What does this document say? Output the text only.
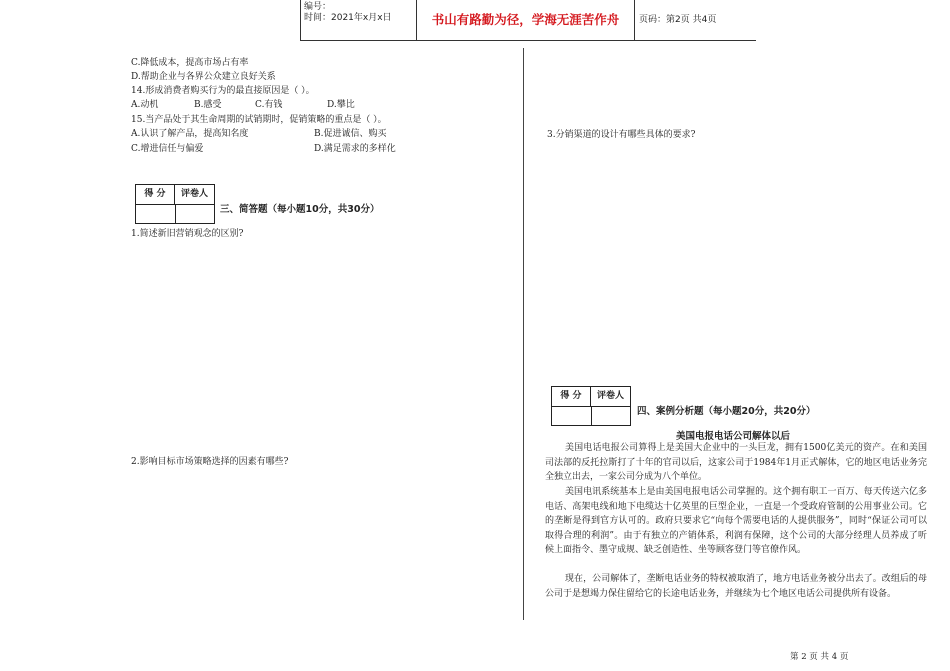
编号：
时间：2021年x月x日	书山有路勤为径，学海无涯苦作舟	页码：第2页 共4页
C.降低成本，提高市场占有率
D.帮助企业与各界公众建立良好关系
14.形成消费者购买行为的最直接原因是（ ）。
A.动机	B.感受	C.有钱	D.攀比
15.当产品处于其生命周期的试销期时，促销策略的重点是（ ）。
A.认识了解产品，提高知名度	B.促进诚信、购买
C.增进信任与偏爱	D.满足需求的多样化
得 分	评卷人
三、简答题（每小题10分，共30分）
1.简述新旧营销观念的区别?
2.影响目标市场策略选择的因素有哪些?
3.分销渠道的设计有哪些具体的要求?
得 分	评卷人
四、案例分析题（每小题20分，共20分）
美国电报电话公司解体以后
美国电话电报公司算得上是美国大企业中的一头巨龙，拥有1500亿美元的资产。在和美国司法部的反托拉斯打了十年的官司以后，这家公司于1984年1月正式解体，它的地区电话业务完全独立出去，一家公司分成为八个单位。
美国电讯系统基本上是由美国电报电话公司掌握的。这个拥有职工一百万、每天传送六亿多电话、高架电线和地下电缆达十亿英里的巨型企业，一直是一个受政府管制的公用事业公司。它的垄断是得到官方认可的。政府只要求它“向每个需要电话的人提供服务”，同时“保证公司可以取得合理的利润”。由于有独立的产销体系，利润有保障，这个公司的大部分经理人员养成了听候上面指令、墨守成规、缺乏创造性、坐等顾客登门等官僚作风。
现在，公司解体了，垄断电话业务的特权被取消了，地方电话业务被分出去了。改组后的母公司于是想竭力保住留给它的长途电话业务，并继续为七个地区电话公司提供所有设备。
第 2 页 共 4 页
